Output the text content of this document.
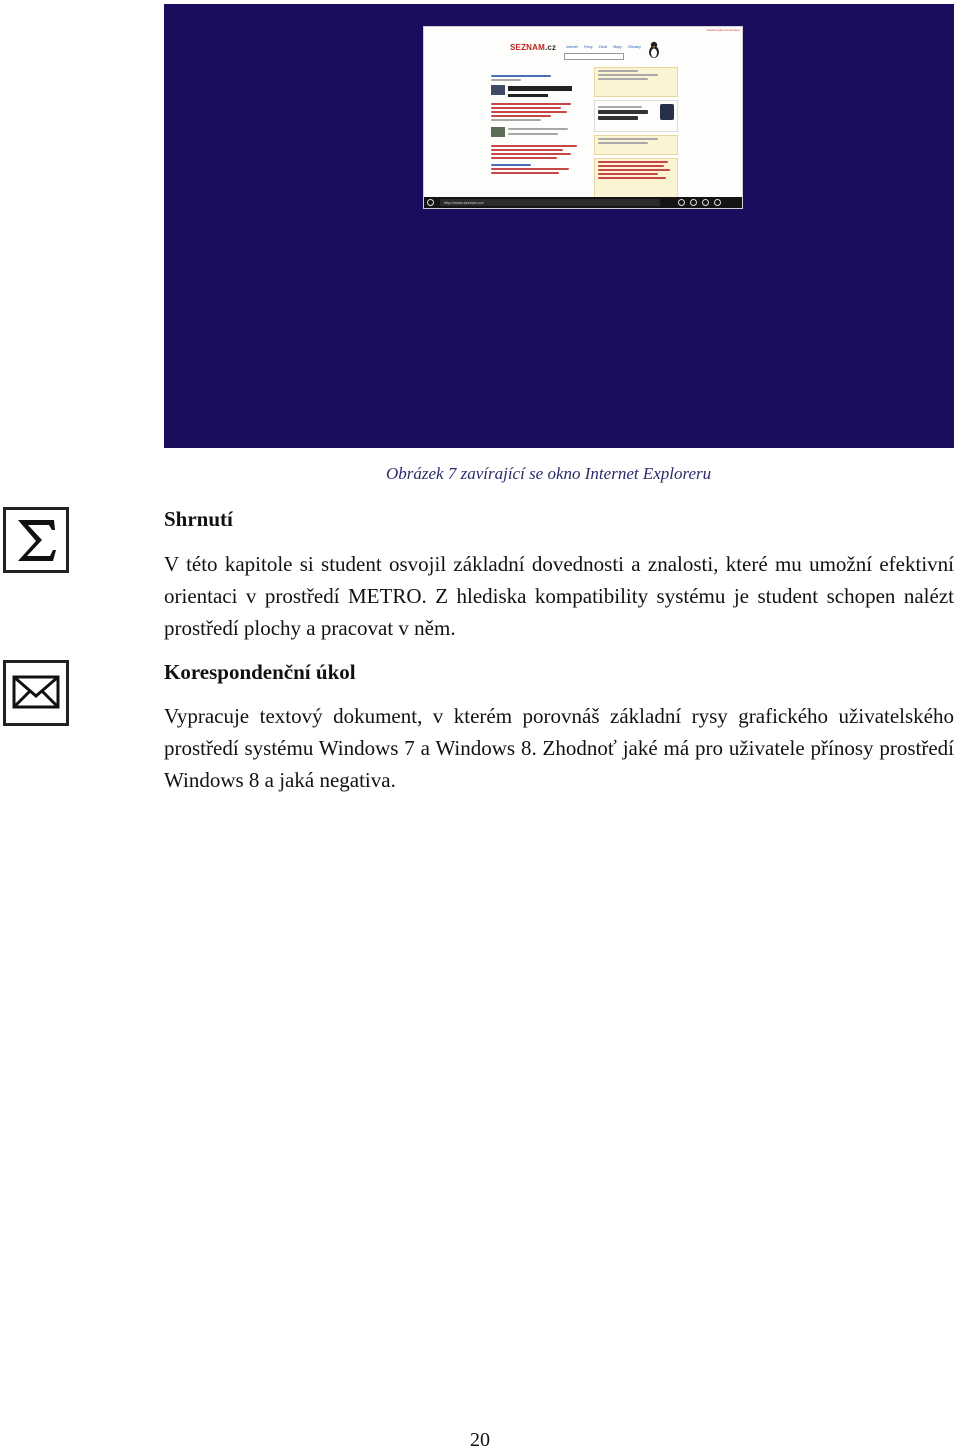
Nastavit jako domovskou
SEZNAM.cz	Internet Firmy Zboží Mapy Obrázky
http://www.seznam.cz/
Obrázek 7 zavírající se okno Internet Exploreru
Shrnutí
V této kapitole si student osvojil základní dovednosti a znalosti, které mu umožní efektivní orientaci v prostředí METRO. Z hlediska kompatibility systému je student schopen nalézt prostředí plochy a pracovat v něm.
Korespondenční úkol
Vypracuje textový dokument, v kterém porovnáš základní rysy grafického uživatelského prostředí systému Windows 7 a Windows 8. Zhodnoť jaké má pro uživatele přínosy prostředí Windows 8 a jaká negativa.
20
